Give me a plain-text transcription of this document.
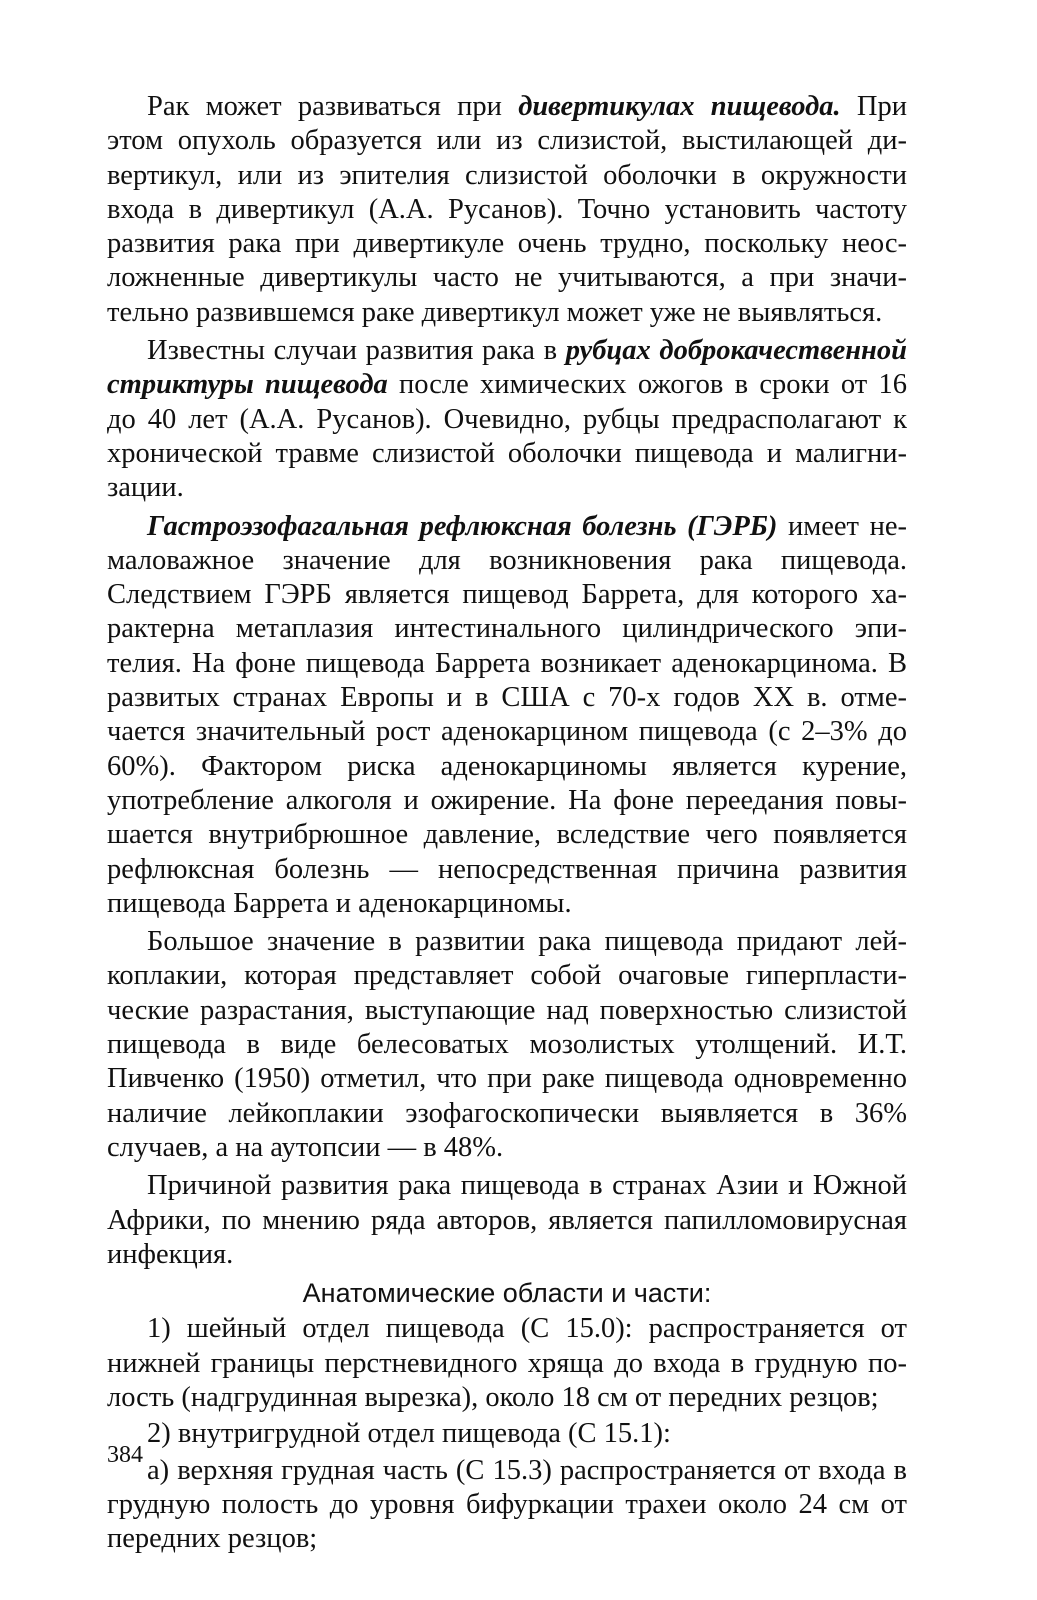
Рак может развиваться при дивертикулах пищевода. При этом опухоль образуется или из слизистой, выстилающей дивертикул, или из эпителия слизистой оболочки в окружности входа в дивертикул (А.А. Русанов). Точно установить частоту развития рака при дивертикуле очень трудно, поскольку неосложненные дивертикулы часто не учитываются, а при значительно развившемся раке дивертикул может уже не выявляться.

Известны случаи развития рака в рубцах доброкачественной стриктуры пищевода после химических ожогов в сроки от 16 до 40 лет (А.А. Русанов). Очевидно, рубцы предрасполагают к хронической травме слизистой оболочки пищевода и малигнизации.

Гастроэзофагальная рефлюксная болезнь (ГЭРБ) имеет немаловажное значение для возникновения рака пищевода. Следствием ГЭРБ является пищевод Баррета, для которого характерна метаплазия интестинального цилиндрического эпителия. На фоне пищевода Баррета возникает аденокарцинома. В развитых странах Европы и в США с 70-х годов XX в. отмечается значительный рост аденокарцином пищевода (с 2–3% до 60%). Фактором риска аденокарциномы является курение, употребление алкоголя и ожирение. На фоне переедания повышается внутрибрюшное давление, вследствие чего появляется рефлюксная болезнь — непосредственная причина развития пищевода Баррета и аденокарциномы.

Большое значение в развитии рака пищевода придают лейкоплакии, которая представляет собой очаговые гиперпластические разрастания, выступающие над поверхностью слизистой пищевода в виде белесоватых мозолистых утолщений. И.Т. Пивченко (1950) отметил, что при раке пищевода одновременно наличие лейкоплакии эзофагоскопически выявляется в 36% случаев, а на аутопсии — в 48%.

Причиной развития рака пищевода в странах Азии и Южной Африки, по мнению ряда авторов, является папилломовирусная инфекция.

Анатомические области и части:

1) шейный отдел пищевода (С 15.0): распространяется от нижней границы перстневидного хряща до входа в грудную полость (надгрудинная вырезка), около 18 см от передних резцов;

2) внутригрудной отдел пищевода (С 15.1):

а) верхняя грудная часть (С 15.3) распространяется от входа в грудную полость до уровня бифуркации трахеи около 24 см от передних резцов;

384
